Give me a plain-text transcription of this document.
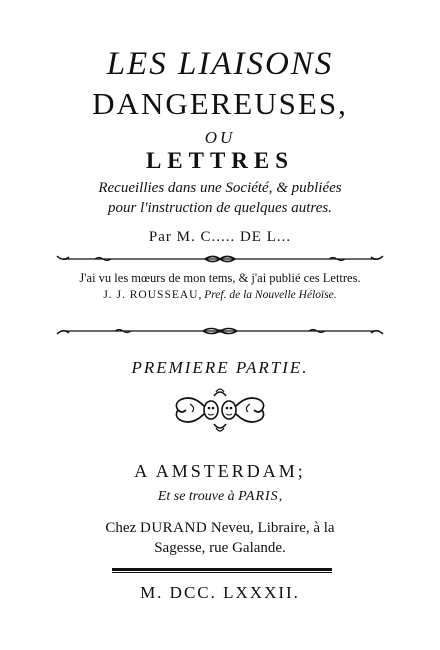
LES LIAISONS
DANGEREUSES,
OU
LETTRES
Recueillies dans une Société, & publiées
pour l'instruction de quelques autres.
Par M. C..... DE L...
J'ai vu les mœurs de mon tems, & j'ai publié ces Lettres.
J. J. ROUSSEAU, Pref. de la Nouvelle Héloïse.
PREMIERE PARTIE.
A AMSTERDAM;
Et se trouve à PARIS,
Chez DURAND Neveu, Libraire, à la
Sagesse, rue Galande.
M. DCC. LXXXII.
